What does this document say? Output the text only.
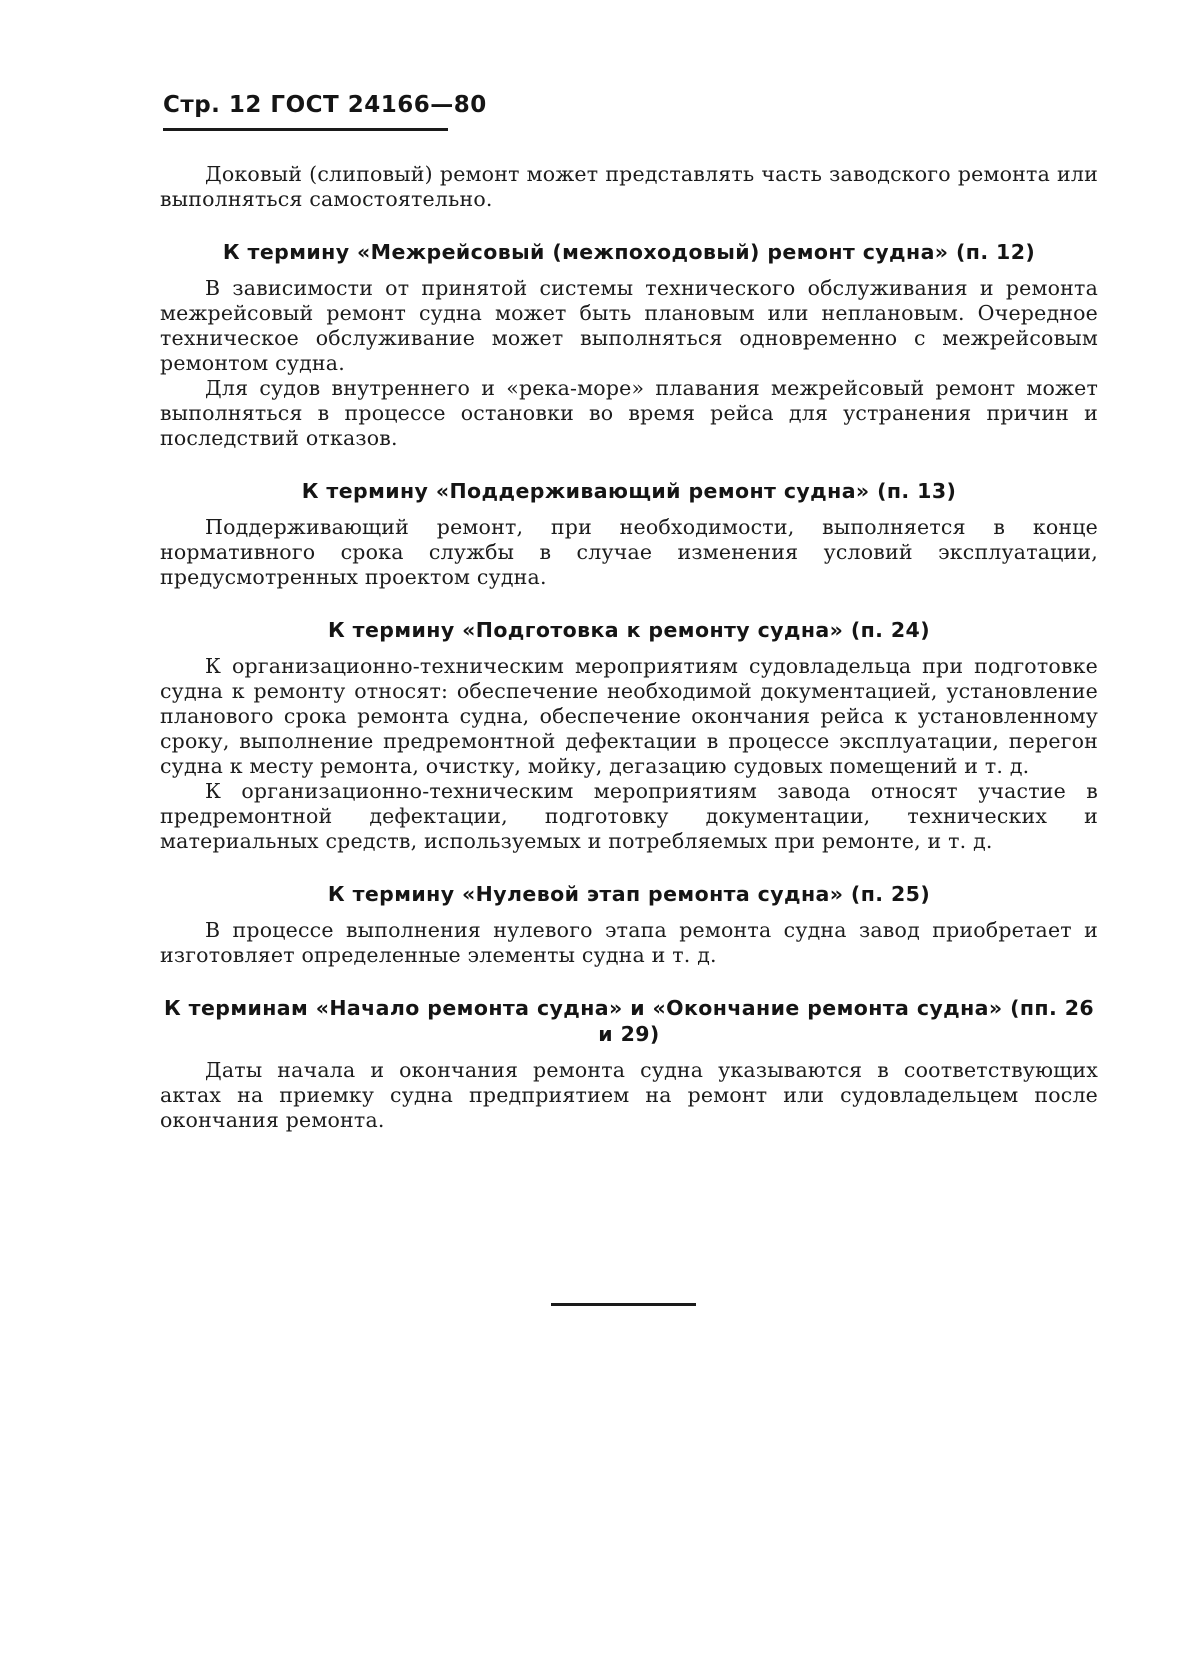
Стр. 12 ГОСТ 24166—80

Доковый (слиповый) ремонт может представлять часть заводского ремонта или выполняться самостоятельно.

К термину «Межрейсовый (межпоходовый) ремонт судна» (п. 12)

В зависимости от принятой системы технического обслуживания и ремонта межрейсовый ремонт судна может быть плановым или неплановым. Очередное техническое обслуживание может выполняться одновременно с межрейсовым ремонтом судна.

Для судов внутреннего и «река-море» плавания межрейсовый ремонт может выполняться в процессе остановки во время рейса для устранения причин и последствий отказов.

К термину «Поддерживающий ремонт судна» (п. 13)

Поддерживающий ремонт, при необходимости, выполняется в конце нормативного срока службы в случае изменения условий эксплуатации, предусмотренных проектом судна.

К термину «Подготовка к ремонту судна» (п. 24)

К организационно-техническим мероприятиям судовладельца при подготовке судна к ремонту относят: обеспечение необходимой документацией, установление планового срока ремонта судна, обеспечение окончания рейса к установленному сроку, выполнение предремонтной дефектации в процессе эксплуатации, перегон судна к месту ремонта, очистку, мойку, дегазацию судовых помещений и т. д.

К организационно-техническим мероприятиям завода относят участие в предремонтной дефектации, подготовку документации, технических и материальных средств, используемых и потребляемых при ремонте, и т. д.

К термину «Нулевой этап ремонта судна» (п. 25)

В процессе выполнения нулевого этапа ремонта судна завод приобретает и изготовляет определенные элементы судна и т. д.

К терминам «Начало ремонта судна» и «Окончание ремонта судна» (пп. 26 и 29)

Даты начала и окончания ремонта судна указываются в соответствующих актах на приемку судна предприятием на ремонт или судовладельцем после окончания ремонта.
